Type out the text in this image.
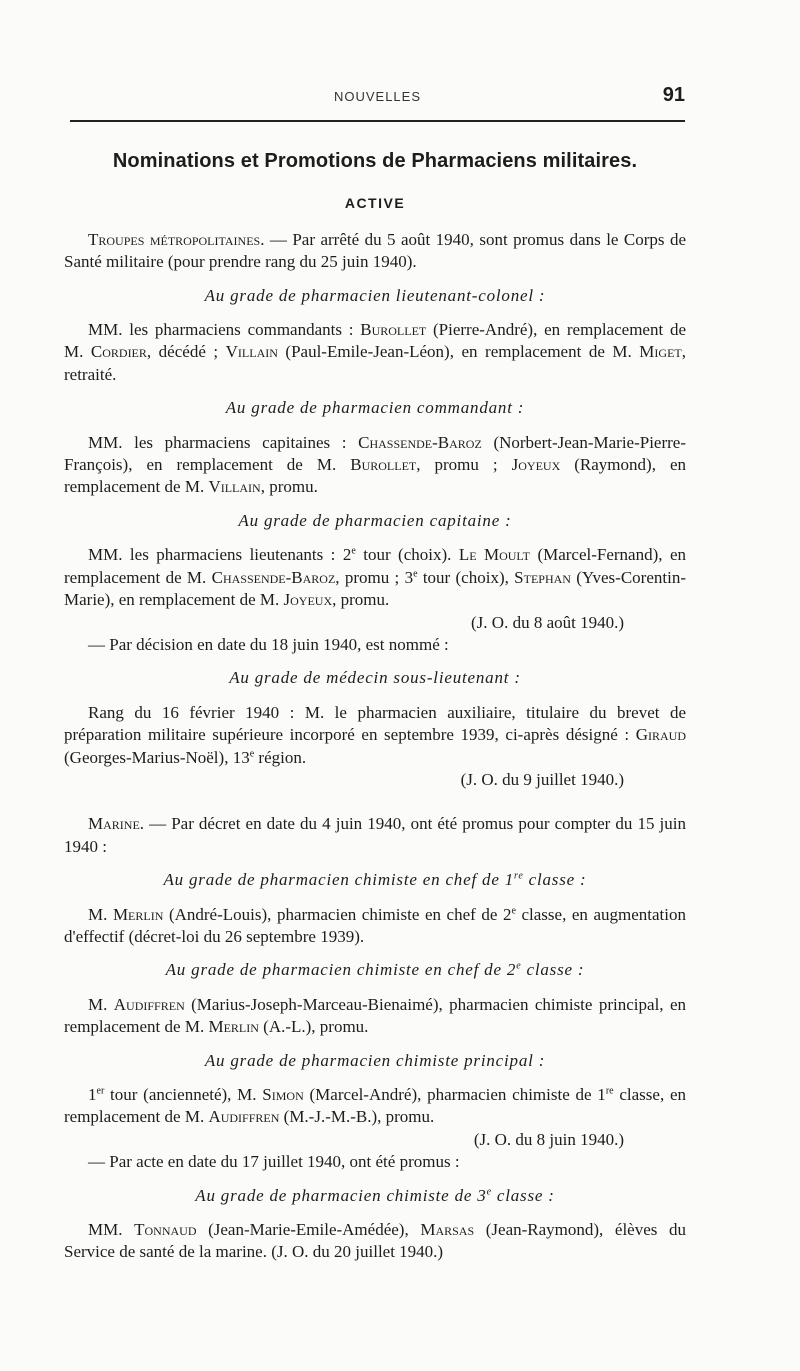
NOUVELLES	91
Nominations et Promotions de Pharmaciens militaires.
ACTIVE

Troupes métropolitaines. — Par arrêté du 5 août 1940, sont promus dans le Corps de Santé militaire (pour prendre rang du 25 juin 1940).

Au grade de pharmacien lieutenant-colonel :

MM. les pharmaciens commandants : Burollet (Pierre-André), en remplacement de M. Cordier, décédé ; Villain (Paul-Emile-Jean-Léon), en remplacement de M. Miget, retraité.

Au grade de pharmacien commandant :

MM. les pharmaciens capitaines : Chassende-Baroz (Norbert-Jean-Marie-Pierre-François), en remplacement de M. Burollet, promu ; Joyeux (Raymond), en remplacement de M. Villain, promu.

Au grade de pharmacien capitaine :

MM. les pharmaciens lieutenants : 2e tour (choix). Le Moult (Marcel-Fernand), en remplacement de M. Chassende-Baroz, promu ; 3e tour (choix), Stephan (Yves-Corentin-Marie), en remplacement de M. Joyeux, promu.

(J. O. du 8 août 1940.)

— Par décision en date du 18 juin 1940, est nommé :

Au grade de médecin sous-lieutenant :

Rang du 16 février 1940 : M. le pharmacien auxiliaire, titulaire du brevet de préparation militaire supérieure incorporé en septembre 1939, ci-après désigné : Giraud (Georges-Marius-Noël), 13e région.

(J. O. du 9 juillet 1940.)

Marine. — Par décret en date du 4 juin 1940, ont été promus pour compter du 15 juin 1940 :

Au grade de pharmacien chimiste en chef de 1re classe :

M. Merlin (André-Louis), pharmacien chimiste en chef de 2e classe, en augmentation d'effectif (décret-loi du 26 septembre 1939).

Au grade de pharmacien chimiste en chef de 2e classe :

M. Audiffren (Marius-Joseph-Marceau-Bienaimé), pharmacien chimiste principal, en remplacement de M. Merlin (A.-L.), promu.

Au grade de pharmacien chimiste principal :

1er tour (ancienneté), M. Simon (Marcel-André), pharmacien chimiste de 1re classe, en remplacement de M. Audiffren (M.-J.-M.-B.), promu.

(J. O. du 8 juin 1940.)

— Par acte en date du 17 juillet 1940, ont été promus :

Au grade de pharmacien chimiste de 3e classe :

MM. Tonnaud (Jean-Marie-Emile-Amédée), Marsas (Jean-Raymond), élèves du Service de santé de la marine. (J. O. du 20 juillet 1940.)
